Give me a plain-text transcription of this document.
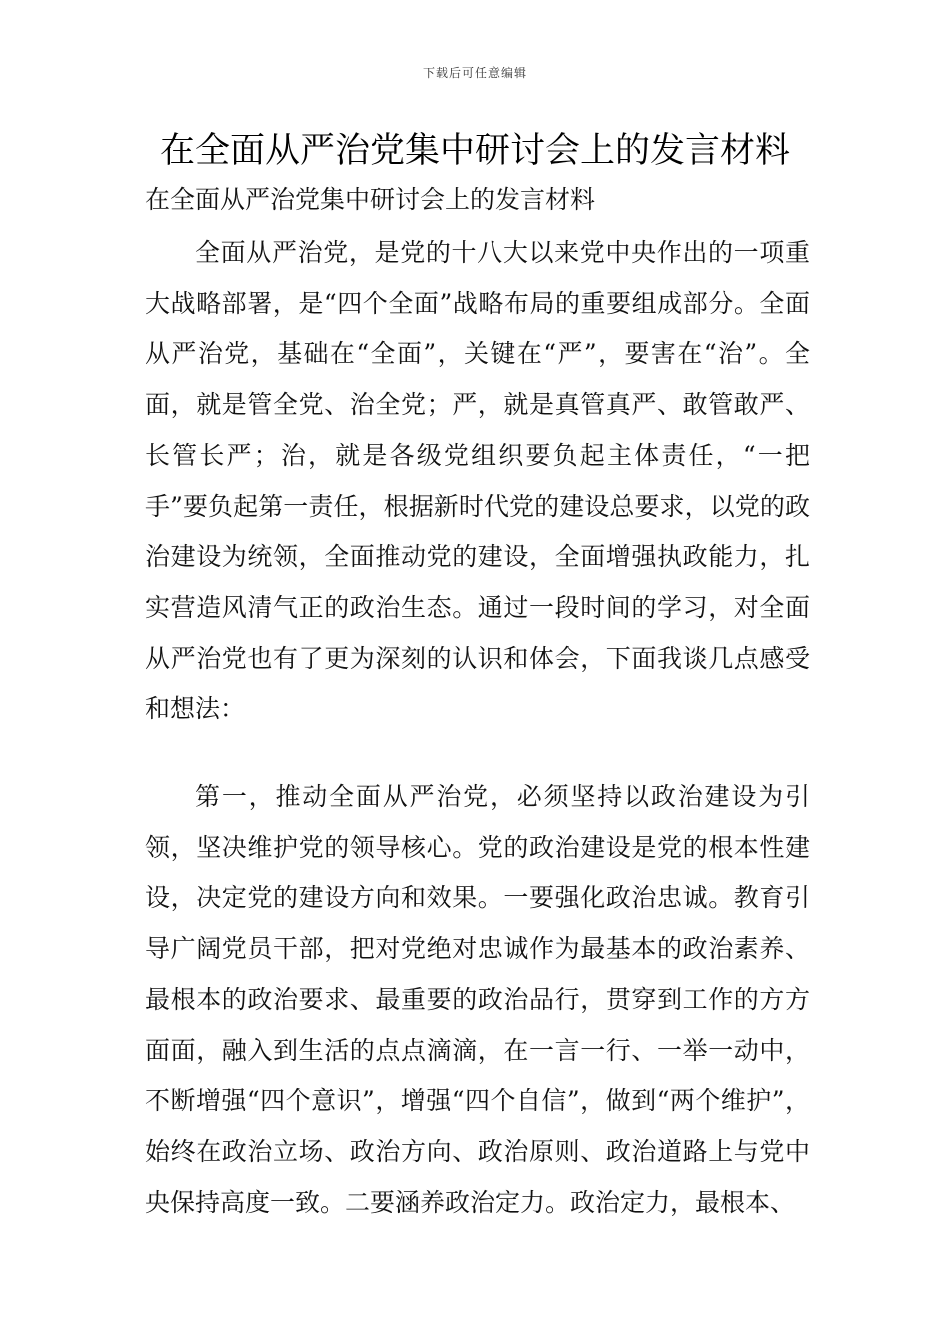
下载后可任意编辑
在全面从严治党集中研讨会上的发言材料

在全面从严治党集中研讨会上的发言材料

全面从严治党，是党的十八大以来党中央作出的一项重大战略部署，是“四个全面”战略布局的重要组成部分。全面从严治党，基础在“全面”，关键在“严”，要害在“治”。全面，就是管全党、治全党；严，就是真管真严、敢管敢严、长管长严；治，就是各级党组织要负起主体责任，“一把手”要负起第一责任，根据新时代党的建设总要求，以党的政治建设为统领，全面推动党的建设，全面增强执政能力，扎实营造风清气正的政治生态。通过一段时间的学习，对全面从严治党也有了更为深刻的认识和体会，下面我谈几点感受和想法：

第一，推动全面从严治党，必须坚持以政治建设为引领，坚决维护党的领导核心。党的政治建设是党的根本性建设，决定党的建设方向和效果。一要强化政治忠诚。教育引导广阔党员干部，把对党绝对忠诚作为最基本的政治素养、最根本的政治要求、最重要的政治品行，贯穿到工作的方方面面，融入到生活的点点滴滴，在一言一行、一举一动中，不断增强“四个意识”，增强“四个自信”，做到“两个维护”，始终在政治立场、政治方向、政治原则、政治道路上与党中央保持高度一致。二要涵养政治定力。政治定力，最根本、
